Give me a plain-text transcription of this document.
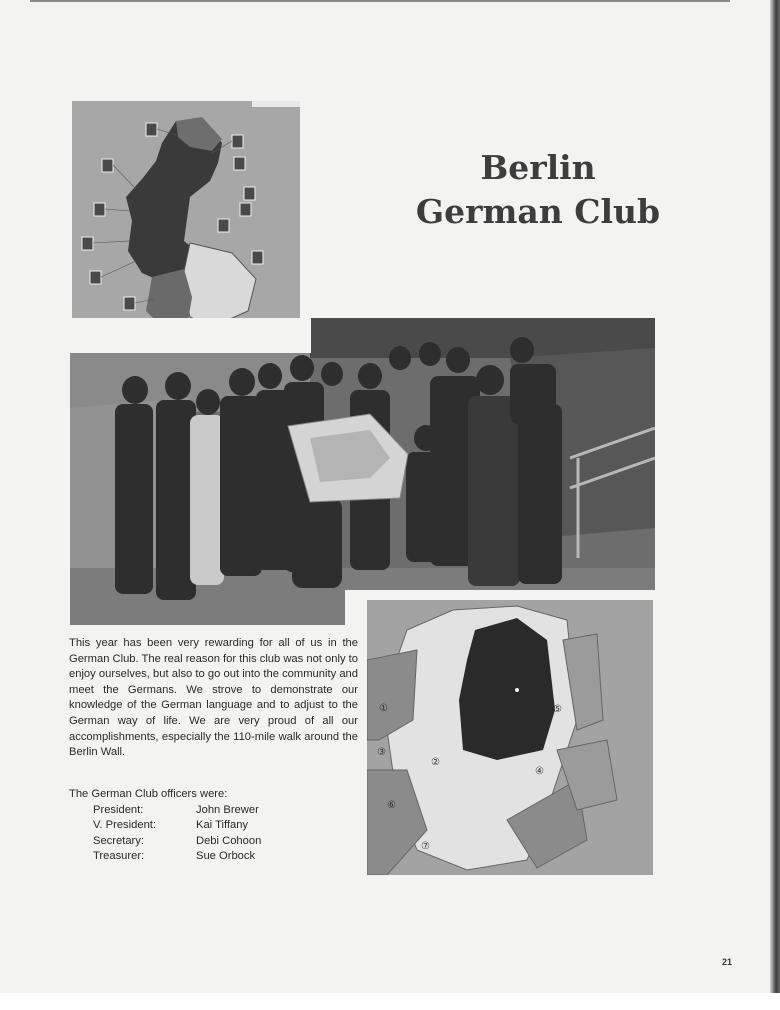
Berlin
German Club
①
②
③
④
⑤
⑥
⑦

This year has been very rewarding for all of us in the German Club. The real reason for this club was not only to enjoy ourselves, but also to go out into the community and meet the Germans. We strove to demonstrate our knowledge of the German language and to adjust to the German way of life. We are very proud of all our accomplishments, especially the 110-mile walk around the Berlin Wall.

The German Club officers were:

President:	John Brewer
V. President:	Kai Tiffany
Secretary:	Debi Cohoon
Treasurer:	Sue Orbock
21
